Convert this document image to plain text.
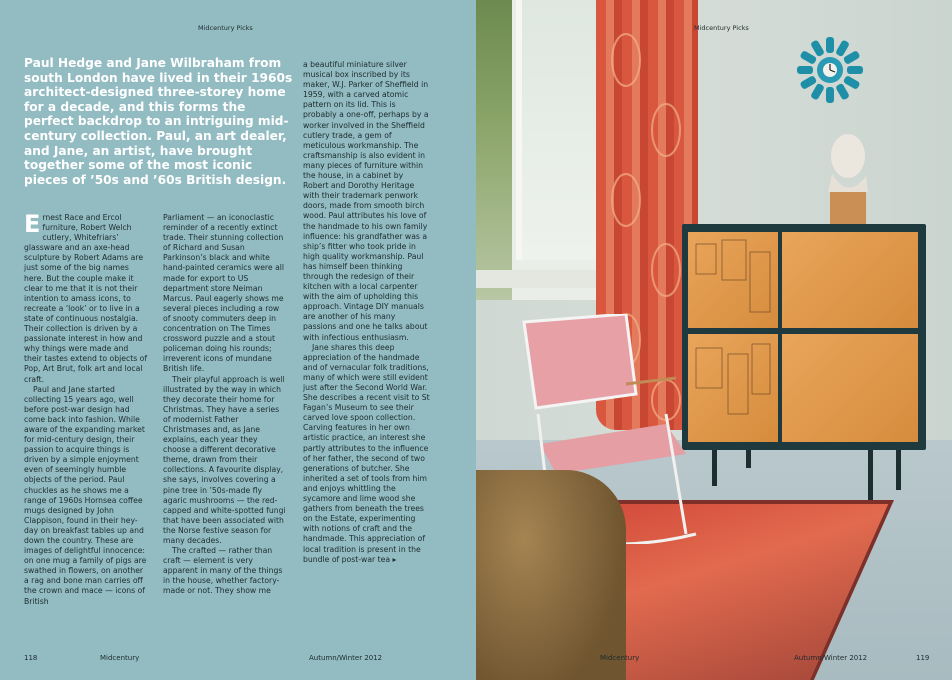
Midcentury Picks

Paul Hedge and Jane Wilbraham from south London have lived in their 1960s architect-designed three-storey home for a decade, and this forms the perfect backdrop to an intriguing mid-century collection. Paul, an art dealer, and Jane, an artist, have brought together some of the most iconic pieces of ’50s and ’60s British design.

Ernest Race and Ercol furniture, Robert Welch cutlery, Whitefriars’ glassware and an axe-head sculpture by Robert Adams are just some of the big names here. But the couple make it clear to me that it is not their intention to amass icons, to recreate a ‘look’ or to live in a state of continuous nostalgia. Their collection is driven by a passionate interest in how and why things were made and their tastes extend to objects of Pop, Art Brut, folk art and local craft.

Paul and Jane started collecting 15 years ago, well before post-war design had come back into fashion. While aware of the expanding market for mid-century design, their passion to acquire things is driven by a simple enjoyment even of seemingly humble objects of the period. Paul chuckles as he shows me a range of 1960s Hornsea coffee mugs designed by John Clappison, found in their hey-day on breakfast tables up and down the country. These are images of delightful innocence: on one mug a family of pigs are swathed in flowers, on another a rag and bone man carries off the crown and mace — icons of British

Parliament — an iconoclastic reminder of a recently extinct trade. Their stunning collection of Richard and Susan Parkinson’s black and white hand-painted ceramics were all made for export to US department store Neiman Marcus. Paul eagerly shows me several pieces including a row of snooty commuters deep in concentration on The Times crossword puzzle and a stout policeman doing his rounds; irreverent icons of mundane British life.

Their playful approach is well illustrated by the way in which they decorate their home for Christmas. They have a series of modernist Father Christmases and, as Jane explains, each year they choose a different decorative theme, drawn from their collections. A favourite display, she says, involves covering a pine tree in ’50s-made fly agaric mushrooms — the red-capped and white-spotted fungi that have been associated with the Norse festive season for many decades.

The crafted — rather than craft — element is very apparent in many of the things in the house, whether factory-made or not. They show me

a beautiful miniature silver musical box inscribed by its maker, W.J. Parker of Sheffield in 1959, with a carved atomic pattern on its lid. This is probably a one-off, perhaps by a worker involved in the Sheffield cutlery trade, a gem of meticulous workmanship. The craftsmanship is also evident in many pieces of furniture within the house, in a cabinet by Robert and Dorothy Heritage with their trademark penwork doors, made from smooth birch wood. Paul attributes his love of the handmade to his own family influence: his grandfather was a ship’s fitter who took pride in high quality workmanship. Paul has himself been thinking through the redesign of their kitchen with a local carpenter with the aim of upholding this approach. Vintage DIY manuals are another of his many passions and one he talks about with infectious enthusiasm.

Jane shares this deep appreciation of the handmade and of vernacular folk traditions, many of which were still evident just after the Second World War. She describes a recent visit to St Fagan’s Museum to see their carved love spoon collection. Carving features in her own artistic practice, an interest she partly attributes to the influence of her father, the second of two generations of butcher. She inherited a set of tools from him and enjoys whittling the sycamore and lime wood she gathers from beneath the trees on the Estate, experimenting with notions of craft and the handmade. This appreciation of local tradition is present in the bundle of post-war tea ▸

118	Midcentury	Autumn/Winter 2012
Midcentury Picks
Midcentury	Autumn/Winter 2012	119
